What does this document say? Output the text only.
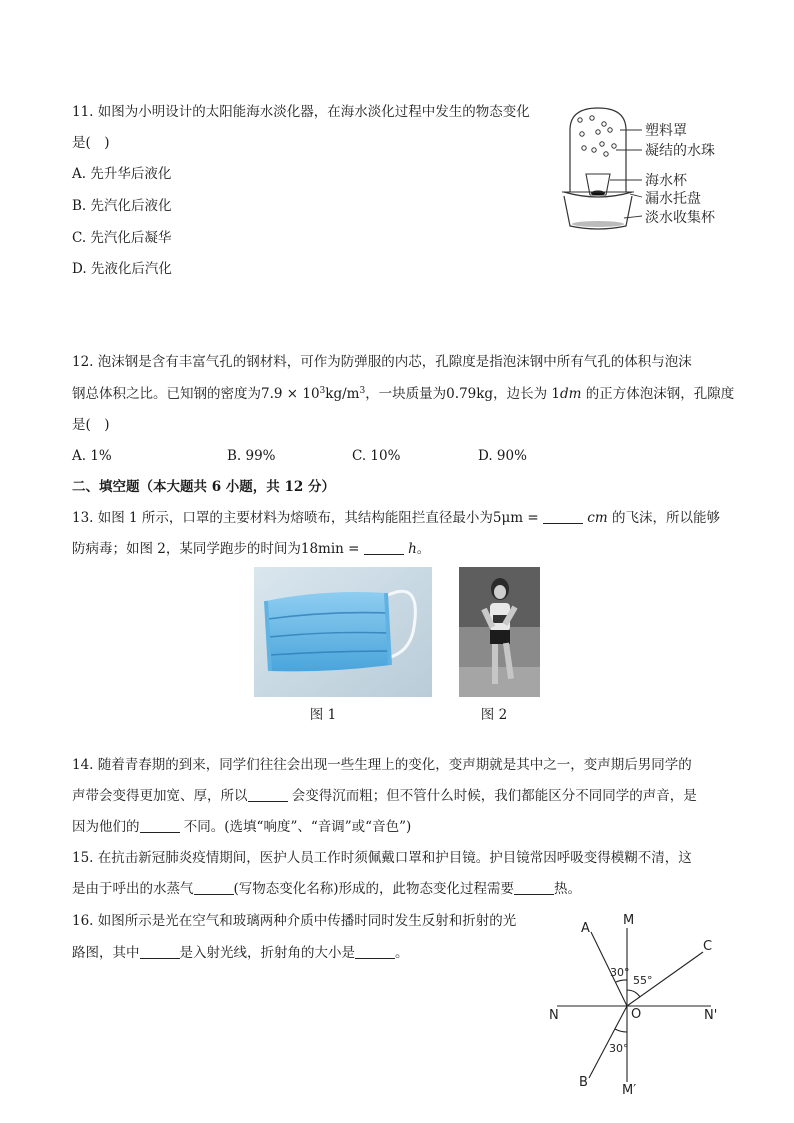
11. 如图为小明设计的太阳能海水淡化器，在海水淡化过程中发生的物态变化
是(　)
A. 先升华后液化
B. 先汽化后液化
C. 先汽化后凝华
D. 先液化后汽化
塑料罩
凝结的水珠
海水杯
漏水托盘
淡水收集杯
12. 泡沫钢是含有丰富气孔的钢材料，可作为防弹服的内芯，孔隙度是指泡沫钢中所有气孔的体积与泡沫
钢总体积之比。已知钢的密度为$7.9 \times 10^3kg/m^3$，一块质量为0.79kg，边长为 1dm 的正方体泡沫钢，孔隙度
是(　)
A. 1%	B. 99%	C. 10%	D. 90%
二、填空题（本大题共 6 小题，共 12 分）
13. 如图 1 所示，口罩的主要材料为熔喷布，其结构能阻拦直径最小为5μm =	cm 的飞沫，所以能够
防病毒；如图 2，某同学跑步的时间为18min =	h。
图 1	图 2
14. 随着青春期的到来，同学们往往会出现一些生理上的变化，变声期就是其中之一，变声期后男同学的
声带会变得更加宽、厚，所以	会变得沉而粗；但不管什么时候，我们都能区分不同同学的声音，是
因为他们的	不同。(选填“响度”、“音调”或“音色”)
15. 在抗击新冠肺炎疫情期间，医护人员工作时须佩戴口罩和护目镜。护目镜常因呼吸变得模糊不清，这
是由于呼出的水蒸气	(写物态变化名称)形成的，此物态变化过程需要	热。
16. 如图所示是光在空气和玻璃两种介质中传播时同时发生反射和折射的光
路图，其中	是入射光线，折射角的大小是	。
A
M
C
N	O	N'
B
M′
30°
55°
30°
